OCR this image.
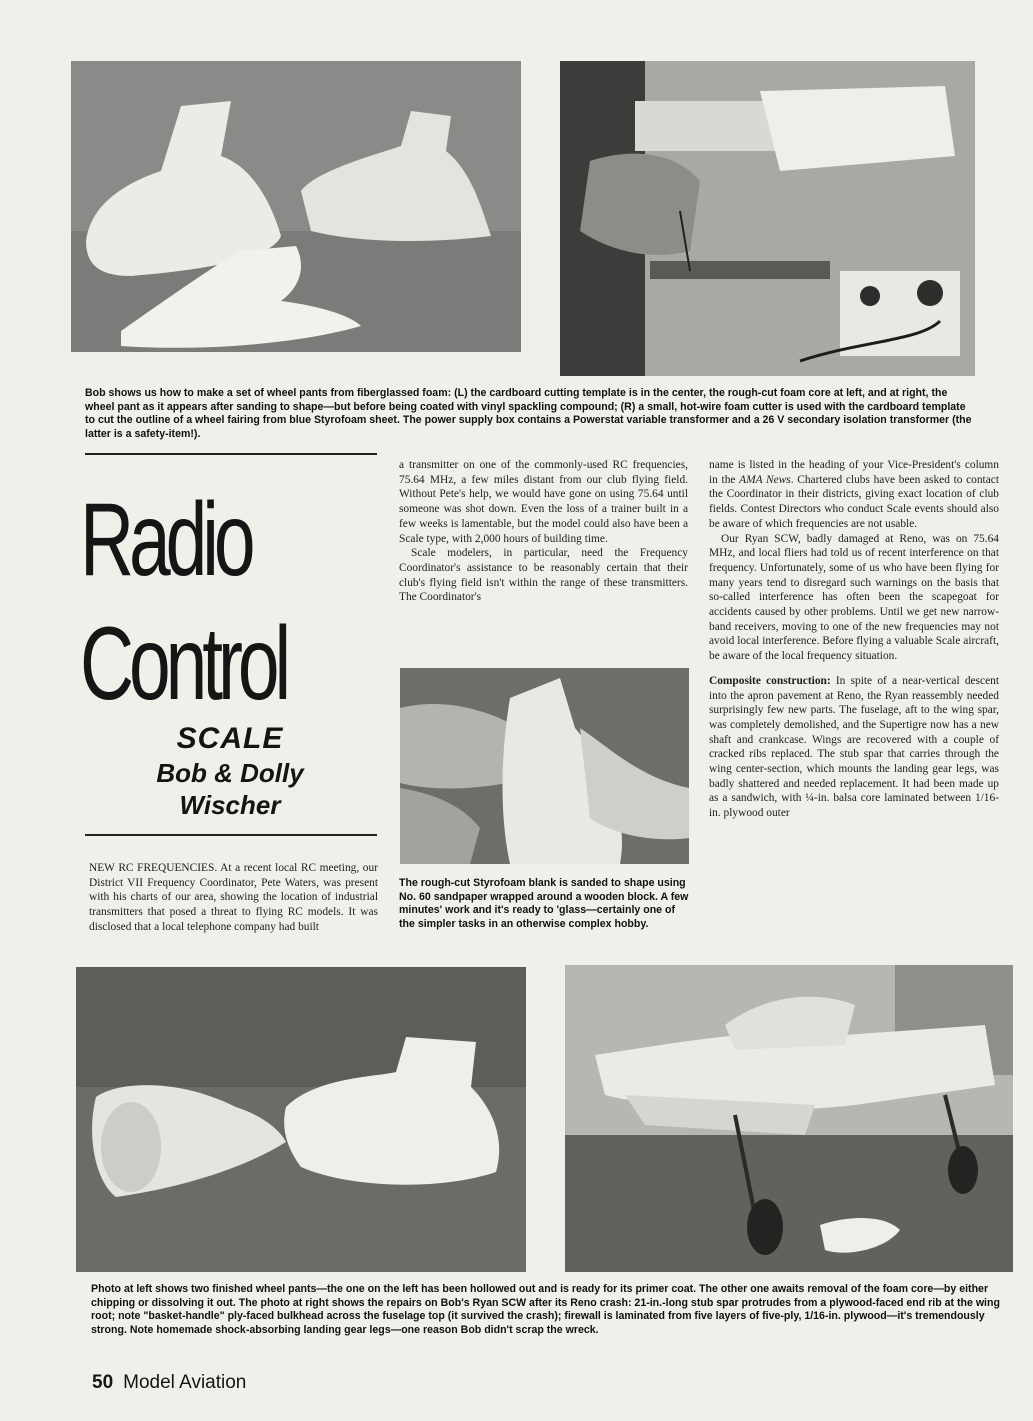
Bob shows us how to make a set of wheel pants from fiberglassed foam: (L) the cardboard cutting template is in the center, the rough-cut foam core at left, and at right, the wheel pant as it appears after sanding to shape—but before being coated with vinyl spackling compound; (R) a small, hot-wire foam cutter is used with the cardboard template to cut the outline of a wheel fairing from blue Styrofoam sheet. The power supply box contains a Powerstat variable transformer and a 26 V secondary isolation transformer (the latter is a safety-item!).

Radio
Control
SCALE
Bob & Dolly
Wischer

NEW RC FREQUENCIES. At a recent local RC meeting, our District VII Frequency Coordinator, Pete Waters, was present with his charts of our area, showing the location of industrial transmitters that posed a threat to flying RC models. It was disclosed that a local telephone company had built

a transmitter on one of the commonly-used RC frequencies, 75.64 MHz, a few miles distant from our club flying field. Without Pete's help, we would have gone on using 75.64 until someone was shot down. Even the loss of a trainer built in a few weeks is lamentable, but the model could also have been a Scale type, with 2,000 hours of building time.

Scale modelers, in particular, need the Frequency Coordinator's assistance to be reasonably certain that their club's flying field isn't within the range of these transmitters. The Coordinator's

The rough-cut Styrofoam blank is sanded to shape using No. 60 sandpaper wrapped around a wooden block. A few minutes' work and it's ready to 'glass—certainly one of the simpler tasks in an otherwise complex hobby.

name is listed in the heading of your Vice-President's column in the AMA News. Chartered clubs have been asked to contact the Coordinator in their districts, giving exact location of club fields. Contest Directors who conduct Scale events should also be aware of which frequencies are not usable.

Our Ryan SCW, badly damaged at Reno, was on 75.64 MHz, and local fliers had told us of recent interference on that frequency. Unfortunately, some of us who have been flying for many years tend to disregard such warnings on the basis that so-called interference has often been the scapegoat for accidents caused by other problems. Until we get new narrow-band receivers, moving to one of the new frequencies may not avoid local interference. Before flying a valuable Scale aircraft, be aware of the local frequency situation.

Composite construction: In spite of a near-vertical descent into the apron pavement at Reno, the Ryan reassembly needed surprisingly few new parts. The fuselage, aft to the wing spar, was completely demolished, and the Supertigre now has a new shaft and crankcase. Wings are recovered with a couple of cracked ribs replaced. The stub spar that carries through the wing center-section, which mounts the landing gear legs, was badly shattered and needed replacement. It had been made up as a sandwich, with ¼-in. balsa core laminated between 1/16-in. plywood outer

Photo at left shows two finished wheel pants—the one on the left has been hollowed out and is ready for its primer coat. The other one awaits removal of the foam core—by either chipping or dissolving it out. The photo at right shows the repairs on Bob's Ryan SCW after its Reno crash: 21-in.-long stub spar protrudes from a plywood-faced end rib at the wing root; note "basket-handle" ply-faced bulkhead across the fuselage top (it survived the crash); firewall is laminated from five layers of five-ply, 1/16-in. plywood—it's tremendously strong. Note homemade shock-absorbing landing gear legs—one reason Bob didn't scrap the wreck.

50 Model Aviation
